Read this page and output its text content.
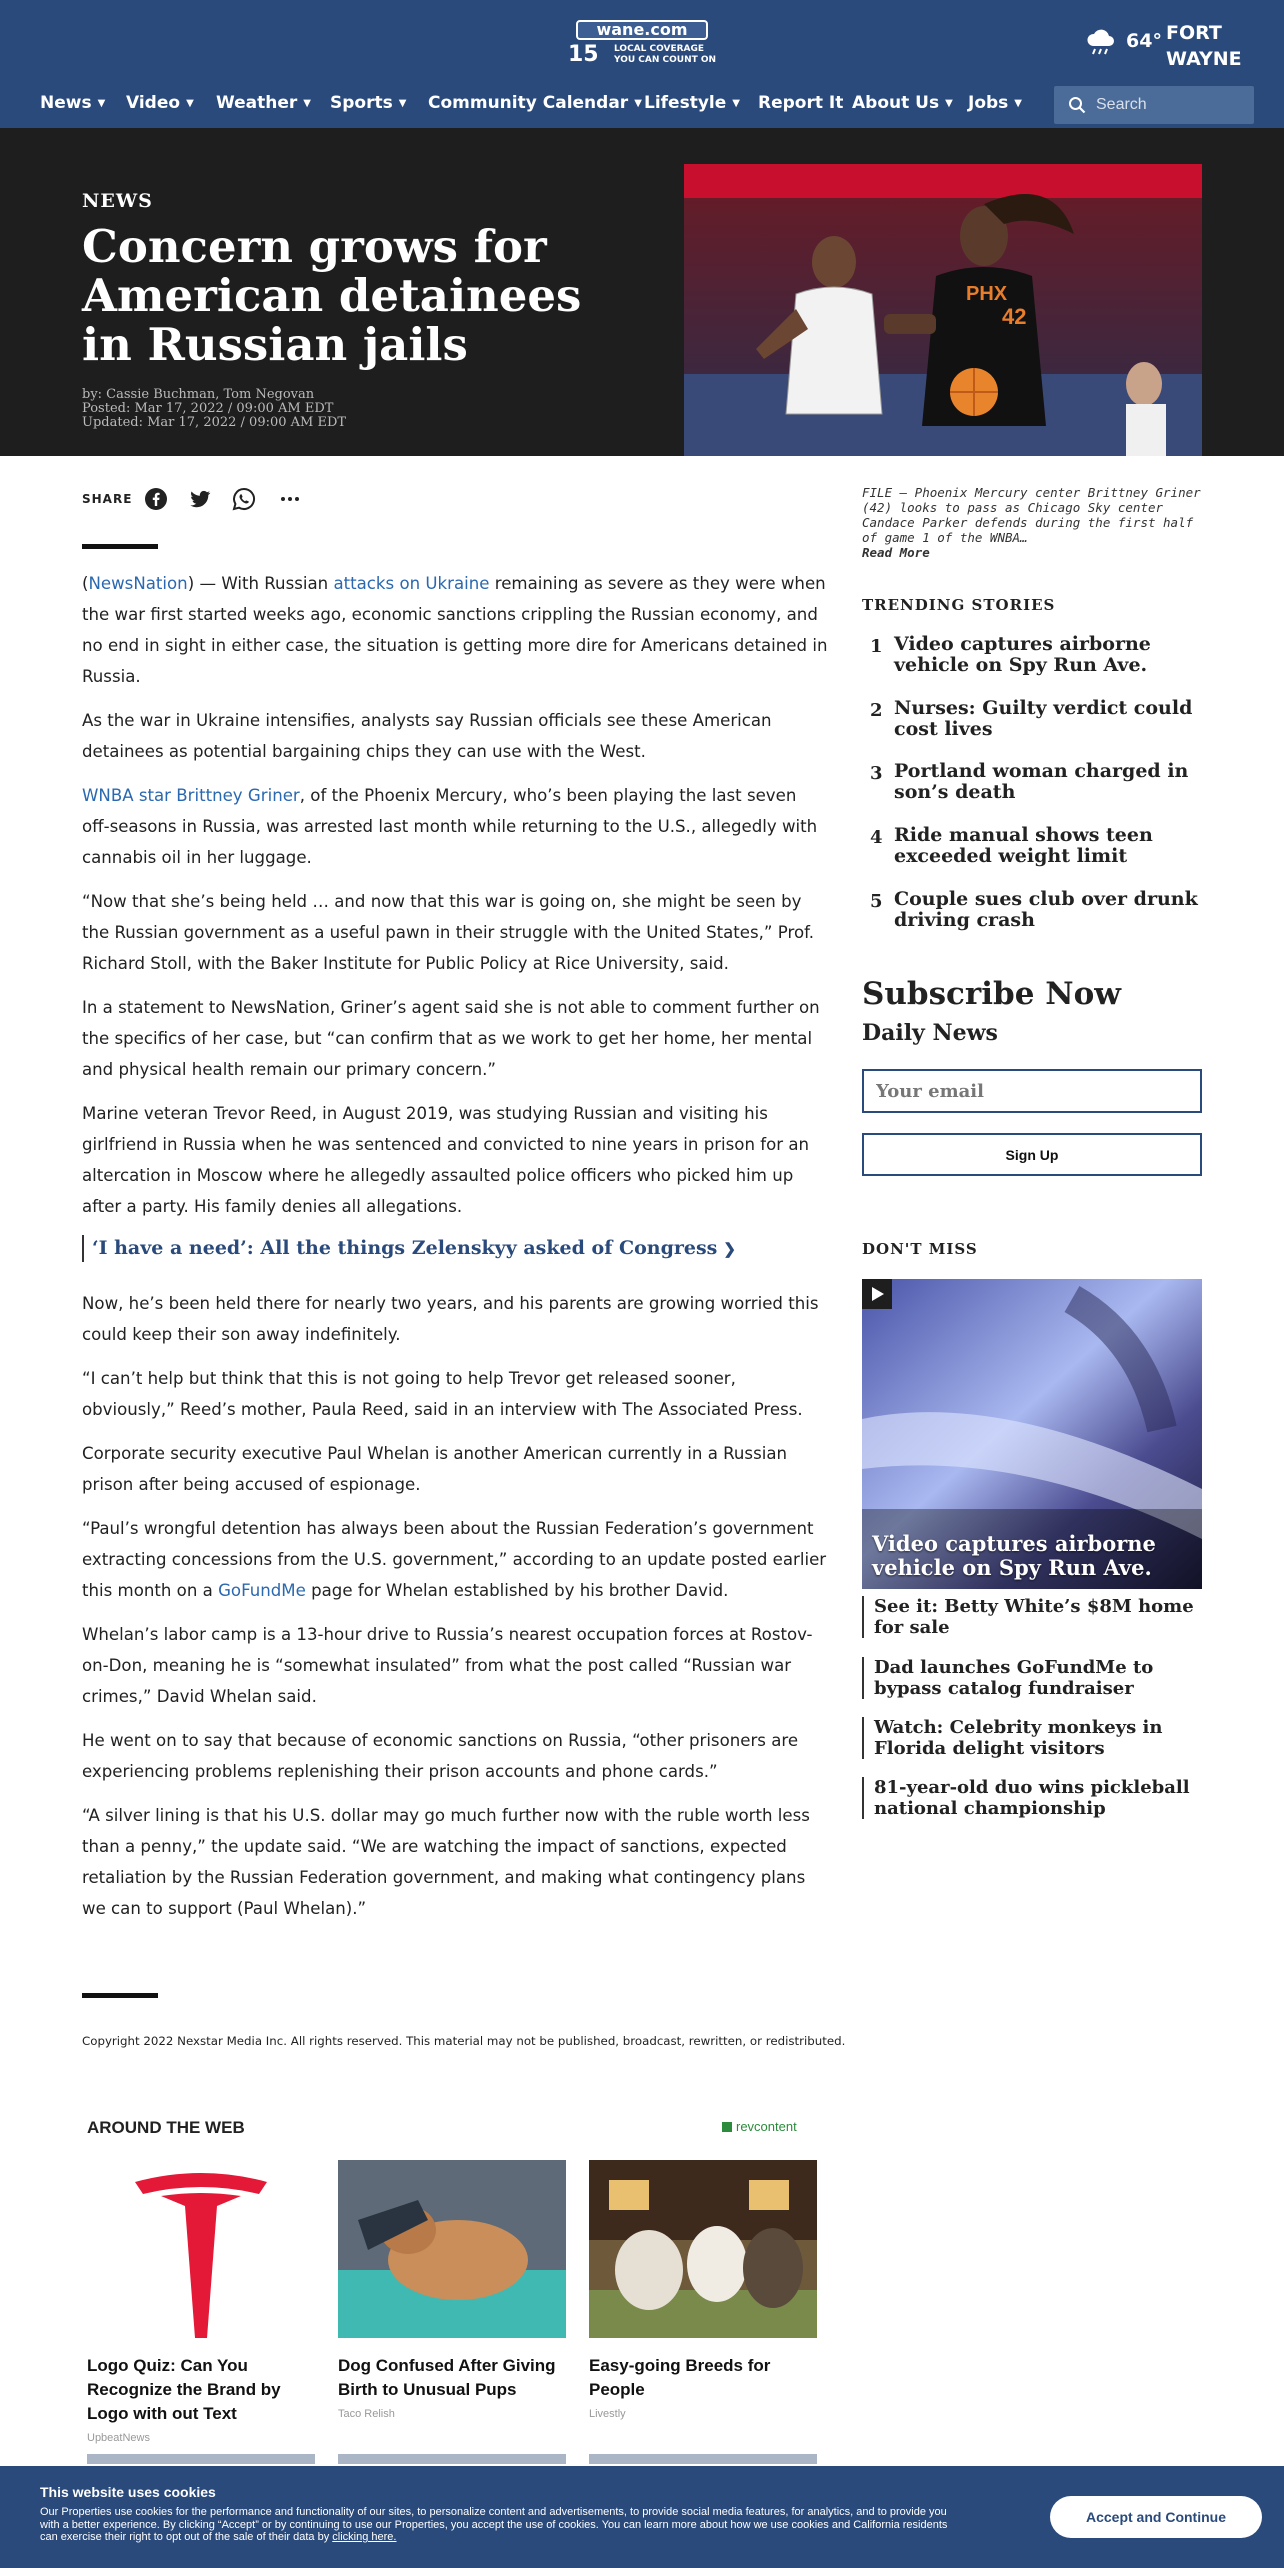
wane.com
15 LOCAL COVERAGE
YOU CAN COUNT ON
64° FORT WAYNE
News ▼ Video ▼ Weather ▼ Sports ▼ Community Calendar ▼ Lifestyle ▼ Report It About Us ▼ Jobs ▼
Search
NEWS
Concern grows for American detainees in Russian jails
by: Cassie Buchman, Tom Negovan
Posted: Mar 17, 2022 / 09:00 AM EDT
Updated: Mar 17, 2022 / 09:00 AM EDT
42
PHX
FILE – Phoenix Mercury center Brittney Griner (42) looks to pass as Chicago Sky center Candace Parker defends during the first half of game 1 of the WNBA…
Read More
SHARE

(NewsNation) — With Russian attacks on Ukraine remaining as severe as they were when the war first started weeks ago, economic sanctions crippling the Russian economy, and no end in sight in either case, the situation is getting more dire for Americans detained in Russia.

As the war in Ukraine intensifies, analysts say Russian officials see these American detainees as potential bargaining chips they can use with the West.

WNBA star Brittney Griner, of the Phoenix Mercury, who’s been playing the last seven off-seasons in Russia, was arrested last month while returning to the U.S., allegedly with cannabis oil in her luggage.

“Now that she’s being held … and now that this war is going on, she might be seen by the Russian government as a useful pawn in their struggle with the United States,” Prof. Richard Stoll, with the Baker Institute for Public Policy at Rice University, said.

In a statement to NewsNation, Griner’s agent said she is not able to comment further on the specifics of her case, but “can confirm that as we work to get her home, her mental and physical health remain our primary concern.”

Marine veteran Trevor Reed, in August 2019, was studying Russian and visiting his girlfriend in Russia when he was sentenced and convicted to nine years in prison for an altercation in Moscow where he allegedly assaulted police officers who picked him up after a party. His family denies all allegations.

‘I have a need’: All the things Zelenskyy asked of Congress ❯

Now, he’s been held there for nearly two years, and his parents are growing worried this could keep their son away indefinitely.

“I can’t help but think that this is not going to help Trevor get released sooner, obviously,” Reed’s mother, Paula Reed, said in an interview with The Associated Press.

Corporate security executive Paul Whelan is another American currently in a Russian prison after being accused of espionage.

“Paul’s wrongful detention has always been about the Russian Federation’s government extracting concessions from the U.S. government,” according to an update posted earlier this month on a GoFundMe page for Whelan established by his brother David.

Whelan’s labor camp is a 13-hour drive to Russia’s nearest occupation forces at Rostov-on-Don, meaning he is “somewhat insulated” from what the post called “Russian war crimes,” David Whelan said.

He went on to say that because of economic sanctions on Russia, “other prisoners are experiencing problems replenishing their prison accounts and phone cards.”

“A silver lining is that his U.S. dollar may go much further now with the ruble worth less than a penny,” the update said. “We are watching the impact of sanctions, expected retaliation by the Russian Federation government, and making what contingency plans we can to support (Paul Whelan).”

Copyright 2022 Nexstar Media Inc. All rights reserved. This material may not be published, broadcast, rewritten, or redistributed.
TRENDING STORIES
1 Video captures airborne vehicle on Spy Run Ave.
2 Nurses: Guilty verdict could cost lives
3 Portland woman charged in son’s death
4 Ride manual shows teen exceeded weight limit
5 Couple sues club over drunk driving crash
Subscribe Now
Daily News
Your email
Sign Up
DON'T MISS
Video captures airborne vehicle on Spy Run Ave.
See it: Betty White’s $8M home for sale
Dad launches GoFundMe to bypass catalog fundraiser
Watch: Celebrity monkeys in Florida delight visitors
81-year-old duo wins pickleball national championship
AROUND THE WEB	revcontent
Logo Quiz: Can You Recognize the Brand by Logo with out Text
UpbeatNews
Dog Confused After Giving Birth to Unusual Pups
Taco Relish
Easy-going Breeds for People
Livestly
This website uses cookies
Our Properties use cookies for the performance and functionality of our sites, to personalize content and advertisements, to provide social media features, for analytics, and to provide you with a better experience. By clicking “Accept” or by continuing to use our Properties, you accept the use of cookies. You can learn more about how we use cookies and California residents can exercise their right to opt out of the sale of their data by clicking here.
Accept and Continue
